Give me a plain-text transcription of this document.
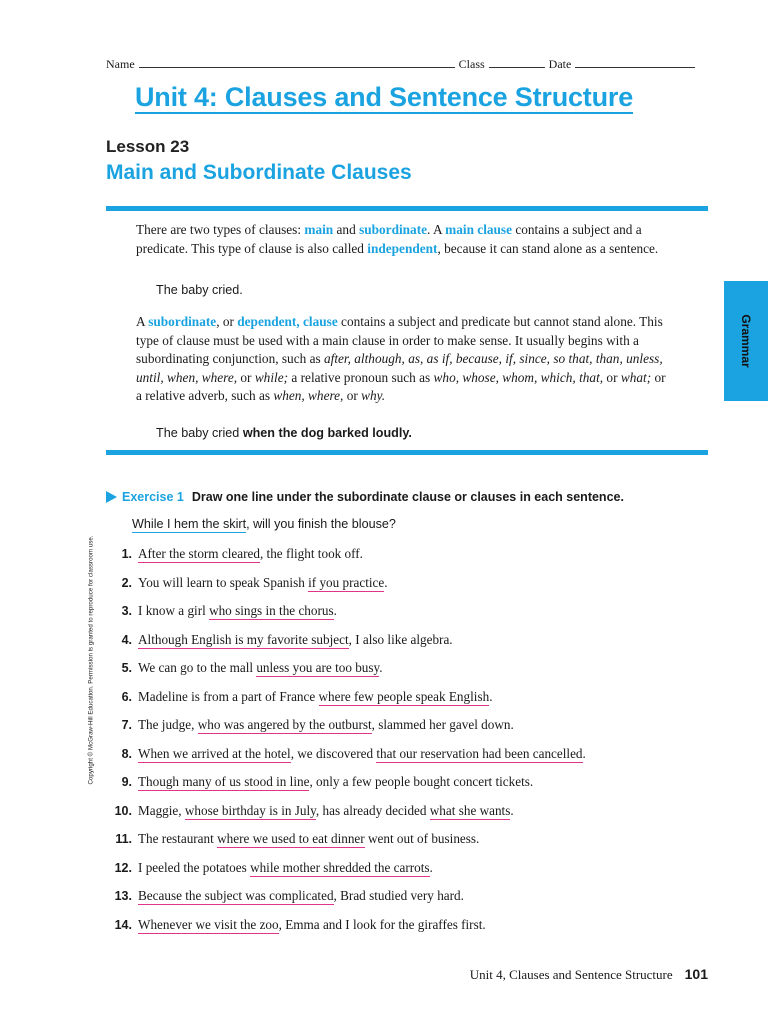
Name	Class	Date
Unit 4: Clauses and Sentence Structure
Lesson 23
Main and Subordinate Clauses
There are two types of clauses: main and subordinate. A main clause contains a subject and a predicate. This type of clause is also called independent, because it can stand alone as a sentence.
The baby cried.
A subordinate, or dependent, clause contains a subject and predicate but cannot stand alone. This type of clause must be used with a main clause in order to make sense. It usually begins with a subordinating conjunction, such as after, although, as, as if, because, if, since, so that, than, unless, until, when, where, or while; a relative pronoun such as who, whose, whom, which, that, or what; or a relative adverb, such as when, where, or why.
The baby cried when the dog barked loudly.
Grammar
Copyright © McGraw-Hill Education. Permission is granted to reproduce for classroom use.
Exercise 1 Draw one line under the subordinate clause or clauses in each sentence.
While I hem the skirt, will you finish the blouse?
1. After the storm cleared, the flight took off.
2. You will learn to speak Spanish if you practice.
3. I know a girl who sings in the chorus.
4. Although English is my favorite subject, I also like algebra.
5. We can go to the mall unless you are too busy.
6. Madeline is from a part of France where few people speak English.
7. The judge, who was angered by the outburst, slammed her gavel down.
8. When we arrived at the hotel, we discovered that our reservation had been cancelled.
9. Though many of us stood in line, only a few people bought concert tickets.
10. Maggie, whose birthday is in July, has already decided what she wants.
11. The restaurant where we used to eat dinner went out of business.
12. I peeled the potatoes while mother shredded the carrots.
13. Because the subject was complicated, Brad studied very hard.
14. Whenever we visit the zoo, Emma and I look for the giraffes first.
Unit 4, Clauses and Sentence Structure 101
